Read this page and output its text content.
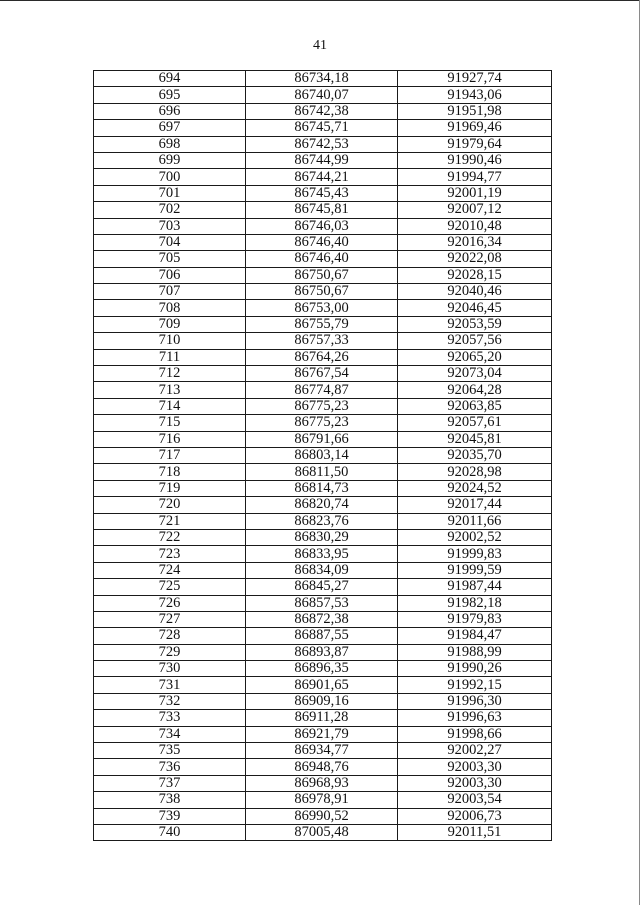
41
694	86734,18	91927,74
695	86740,07	91943,06
696	86742,38	91951,98
697	86745,71	91969,46
698	86742,53	91979,64
699	86744,99	91990,46
700	86744,21	91994,77
701	86745,43	92001,19
702	86745,81	92007,12
703	86746,03	92010,48
704	86746,40	92016,34
705	86746,40	92022,08
706	86750,67	92028,15
707	86750,67	92040,46
708	86753,00	92046,45
709	86755,79	92053,59
710	86757,33	92057,56
711	86764,26	92065,20
712	86767,54	92073,04
713	86774,87	92064,28
714	86775,23	92063,85
715	86775,23	92057,61
716	86791,66	92045,81
717	86803,14	92035,70
718	86811,50	92028,98
719	86814,73	92024,52
720	86820,74	92017,44
721	86823,76	92011,66
722	86830,29	92002,52
723	86833,95	91999,83
724	86834,09	91999,59
725	86845,27	91987,44
726	86857,53	91982,18
727	86872,38	91979,83
728	86887,55	91984,47
729	86893,87	91988,99
730	86896,35	91990,26
731	86901,65	91992,15
732	86909,16	91996,30
733	86911,28	91996,63
734	86921,79	91998,66
735	86934,77	92002,27
736	86948,76	92003,30
737	86968,93	92003,30
738	86978,91	92003,54
739	86990,52	92006,73
740	87005,48	92011,51
